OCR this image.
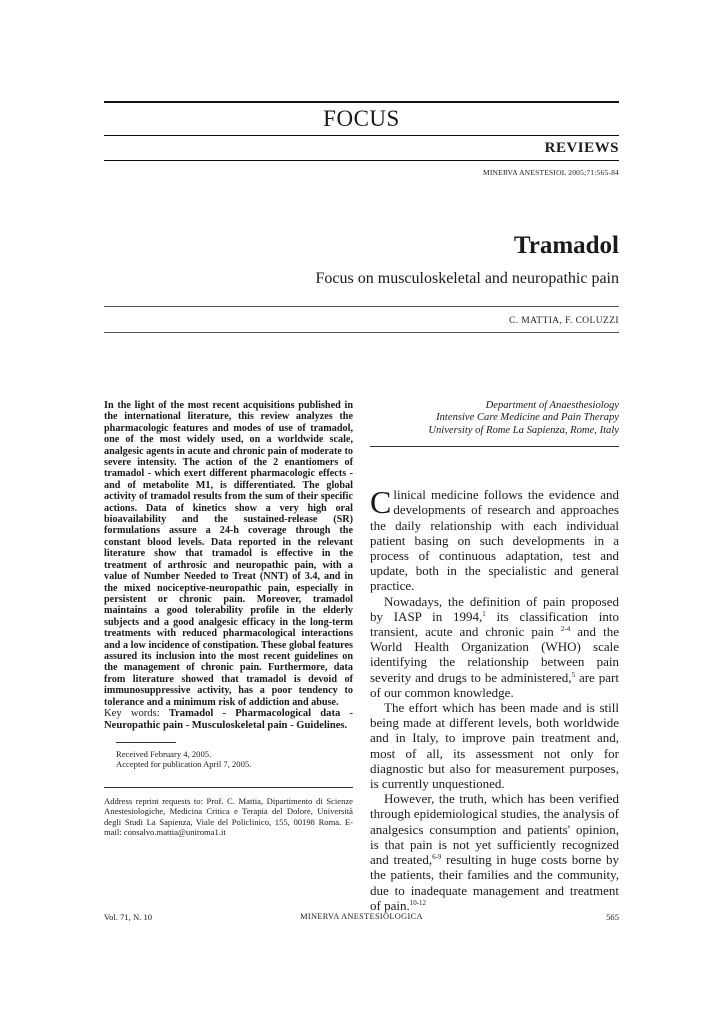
FOCUS
REVIEWS
MINERVA ANESTESIOL 2005;71:565-84
Tramadol
Focus on musculoskeletal and neuropathic pain
C. MATTIA, F. COLUZZI

In the light of the most recent acquisitions published in the international literature, this review analyzes the pharmacologic features and modes of use of tramadol, one of the most widely used, on a worldwide scale, analgesic agents in acute and chronic pain of moderate to severe intensity. The action of the 2 enantiomers of tramadol - which exert different pharmacologic effects - and of metabolite M1, is differentiated. The global activity of tramadol results from the sum of their specific actions. Data of kinetics show a very high oral bioavailability and the sustained-release (SR) formulations assure a 24-h coverage through the constant blood levels. Data reported in the relevant literature show that tramadol is effective in the treatment of arthrosic and neuropathic pain, with a value of Number Needed to Treat (NNT) of 3.4, and in the mixed nociceptive-neuropathic pain, especially in persistent or chronic pain. Moreover, tramadol maintains a good tolerability profile in the elderly subjects and a good analgesic efficacy in the long-term treatments with reduced pharmacological interactions and a low incidence of constipation. These global features assured its inclusion into the most recent guidelines on the management of chronic pain. Furthermore, data from literature showed that tramadol is devoid of immunosuppressive activity, has a poor tendency to tolerance and a minimum risk of addiction and abuse.

Key words: Tramadol - Pharmacological data - Neuropathic pain - Musculoskeletal pain - Guidelines.

Received February 4, 2005.
Accepted for publication April 7, 2005.
Address reprint requests to: Prof. C. Mattia, Dipartimento di Scienze Anestesiologiche, Medicina Critica e Terapia del Dolore, Università degli Studi La Sapienza, Viale del Policlinico, 155, 00198 Roma. E-mail: consalvo.mattia@uniroma1.it
Department of Anaesthesiology
Intensive Care Medicine and Pain Therapy
University of Rome La Sapienza, Rome, Italy

Clinical medicine follows the evidence and developments of research and approaches the daily relationship with each individual patient basing on such developments in a process of continuous adaptation, test and update, both in the specialistic and general practice.

Nowadays, the definition of pain proposed by IASP in 1994,$^1$ its classification into transient, acute and chronic pain $^{2-4}$ and the World Health Organization (WHO) scale identifying the relationship between pain severity and drugs to be administered,$^5$ are part of our common knowledge.

The effort which has been made and is still being made at different levels, both worldwide and in Italy, to improve pain treatment and, most of all, its assessment not only for diagnostic but also for measurement purposes, is currently unquestioned.

However, the truth, which has been verified through epidemiological studies, the analysis of analgesics consumption and patients' opinion, is that pain is not yet sufficiently recognized and treated,$^{6-9}$ resulting in huge costs borne by the patients, their families and the community, due to inadequate management and treatment of pain.$^{10-12}$

Vol. 71, N. 10	MINERVA ANESTESIOLOGICA	565
